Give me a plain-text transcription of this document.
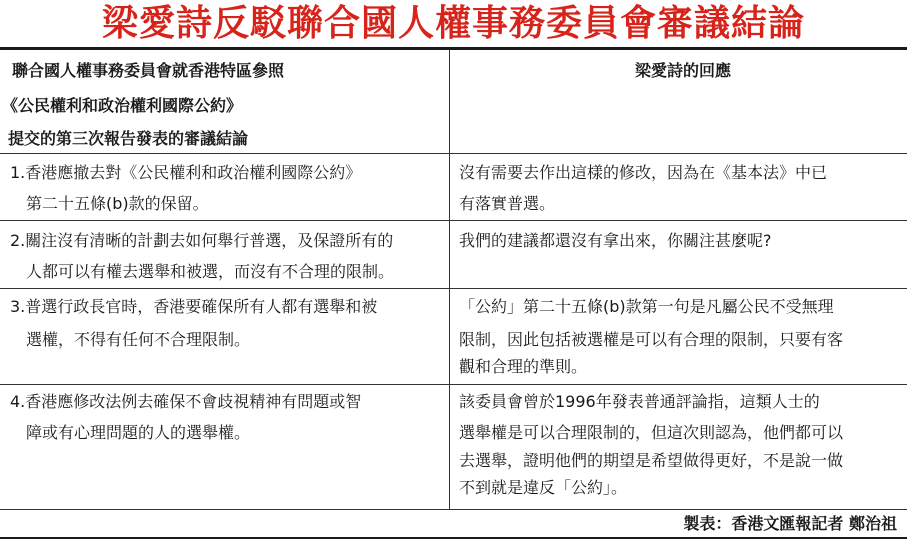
梁愛詩反駁聯合國人權事務委員會審議結論
聯合國人權事務委員會就香港特區參照
《公民權利和政治權利國際公約》
提交的第三次報告發表的審議結論
梁愛詩的回應
1.香港應撤去對《公民權利和政治權利國際公約》
第二十五條(b)款的保留。
沒有需要去作出這樣的修改，因為在《基本法》中已
有落實普選。
2.關注沒有清晰的計劃去如何舉行普選，及保證所有的
人都可以有權去選舉和被選，而沒有不合理的限制。
我們的建議都還沒有拿出來，你關注甚麼呢?
3.普選行政長官時，香港要確保所有人都有選舉和被
選權，不得有任何不合理限制。
「公約」第二十五條(b)款第一句是凡屬公民不受無理
限制，因此包括被選權是可以有合理的限制，只要有客
觀和合理的準則。
4.香港應修改法例去確保不會歧視精神有問題或智
障或有心理問題的人的選舉權。
該委員會曾於1996年發表普通評論指，這類人士的
選舉權是可以合理限制的，但這次則認為，他們都可以
去選舉，證明他們的期望是希望做得更好，不是說一做
不到就是違反「公約」。
製表：香港文匯報記者 鄭治祖
